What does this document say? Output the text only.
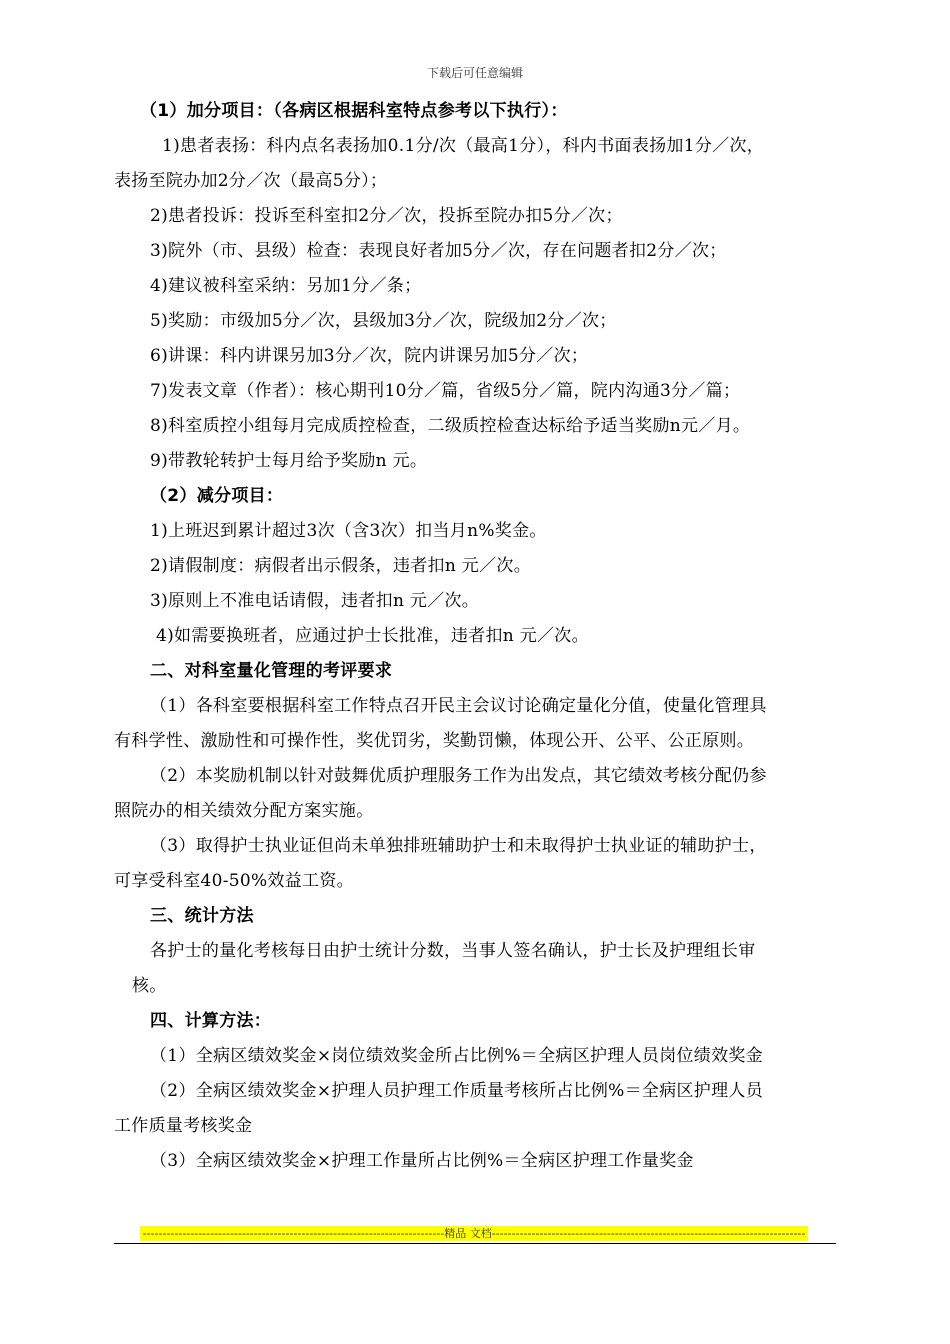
下载后可任意编辑
（1）加分项目：（各病区根据科室特点参考以下执行）：
1)患者表扬：科内点名表扬加0.1分/次（最高1分），科内书面表扬加1分／次，
表扬至院办加2分／次（最高5分）；
2)患者投诉：投诉至科室扣2分／次，投拆至院办扣5分／次；
3)院外（市、县级）检查：表现良好者加5分／次，存在问题者扣2分／次；
4)建议被科室采纳：另加1分／条；
5)奖励：市级加5分／次，县级加3分／次，院级加2分／次；
6)讲课：科内讲课另加3分／次，院内讲课另加5分／次；
7)发表文章（作者）：核心期刊10分／篇，省级5分／篇，院内沟通3分／篇；
8)科室质控小组每月完成质控检查，二级质控检查达标给予适当奖励n元／月。
9)带教轮转护士每月给予奖励n 元。
（2）减分项目：
1)上班迟到累计超过3次（含3次）扣当月n%奖金。
2)请假制度：病假者出示假条，违者扣n 元／次。
3)原则上不准电话请假，违者扣n 元／次。
4)如需要换班者，应通过护士长批准，违者扣n 元／次。
二、对科室量化管理的考评要求
（1）各科室要根据科室工作特点召开民主会议讨论确定量化分值，使量化管理具
有科学性、激励性和可操作性，奖优罚劣，奖勤罚懒，体现公开、公平、公正原则。
（2）本奖励机制以针对鼓舞优质护理服务工作为出发点，其它绩效考核分配仍参
照院办的相关绩效分配方案实施。
（3）取得护士执业证但尚未单独排班辅助护士和未取得护士执业证的辅助护士，
可享受科室40-50%效益工资。
三、统计方法
各护士的量化考核每日由护士统计分数，当事人签名确认，护士长及护理组长审
核。
四、计算方法：
（1）全病区绩效奖金×岗位绩效奖金所占比例%＝全病区护理人员岗位绩效奖金
（2）全病区绩效奖金×护理人员护理工作质量考核所占比例%＝全病区护理人员
工作质量考核奖金
（3）全病区绩效奖金×护理工作量所占比例%＝全病区护理工作量奖金
----------------------------------------------------------------------------精品 文档-------------------------------------------------------------------------------
